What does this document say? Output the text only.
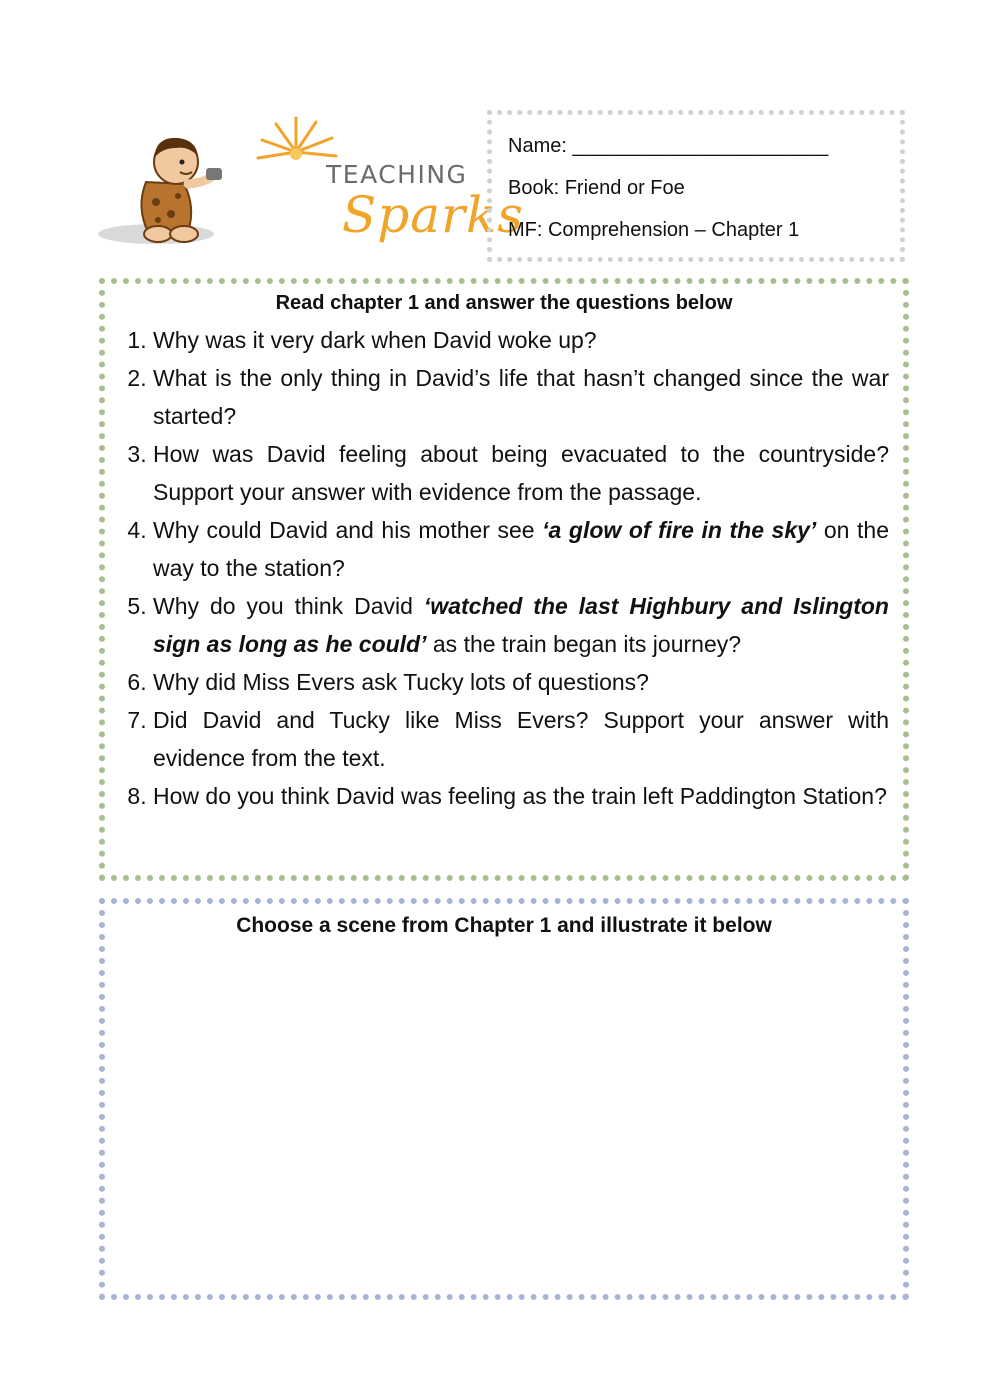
TEACHING
Sparks

Name: _______________________

Book: Friend or Foe

MF: Comprehension – Chapter 1

Read chapter 1 and answer the questions below

1. Why was it very dark when David woke up?
2. What is the only thing in David’s life that hasn’t changed since the war started?
3. How was David feeling about being evacuated to the countryside? Support your answer with evidence from the passage.
4. Why could David and his mother see ‘a glow of fire in the sky’ on the way to the station?
5. Why do you think David ‘watched the last Highbury and Islington sign as long as he could’ as the train began its journey?
6. Why did Miss Evers ask Tucky lots of questions?
7. Did David and Tucky like Miss Evers? Support your answer with evidence from the text.
8. How do you think David was feeling as the train left Paddington Station?

Choose a scene from Chapter 1 and illustrate it below
